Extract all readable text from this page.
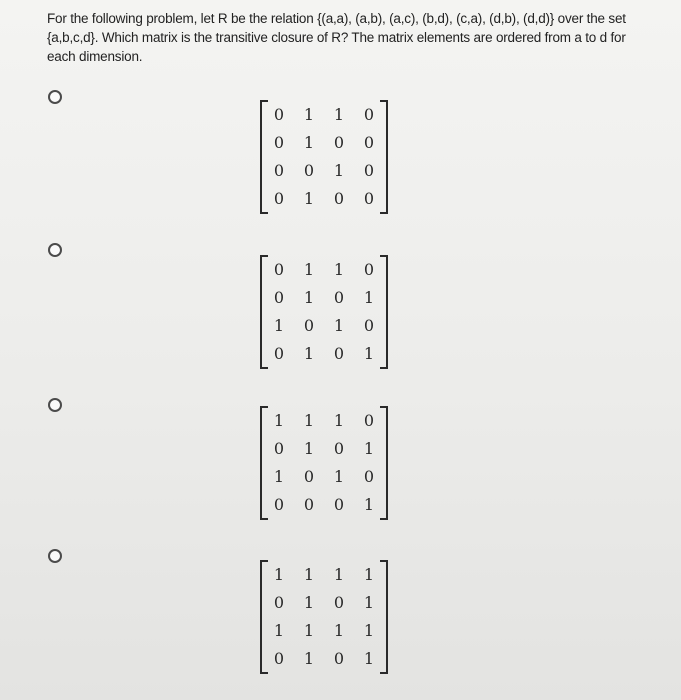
For the following problem, let R be the relation {(a,a), (a,b), (a,c), (b,d), (c,a), (d,b), (d,d)} over the set {a,b,c,d}. Which matrix is the transitive closure of R? The matrix elements are ordered from a to d for each dimension.
0	1	1	0
0	1	0	0
0	0	1	0
0	1	0	0
0	1	1	0
0	1	0	1
1	0	1	0
0	1	0	1
1	1	1	0
0	1	0	1
1	0	1	0
0	0	0	1
1	1	1	1
0	1	0	1
1	1	1	1
0	1	0	1
